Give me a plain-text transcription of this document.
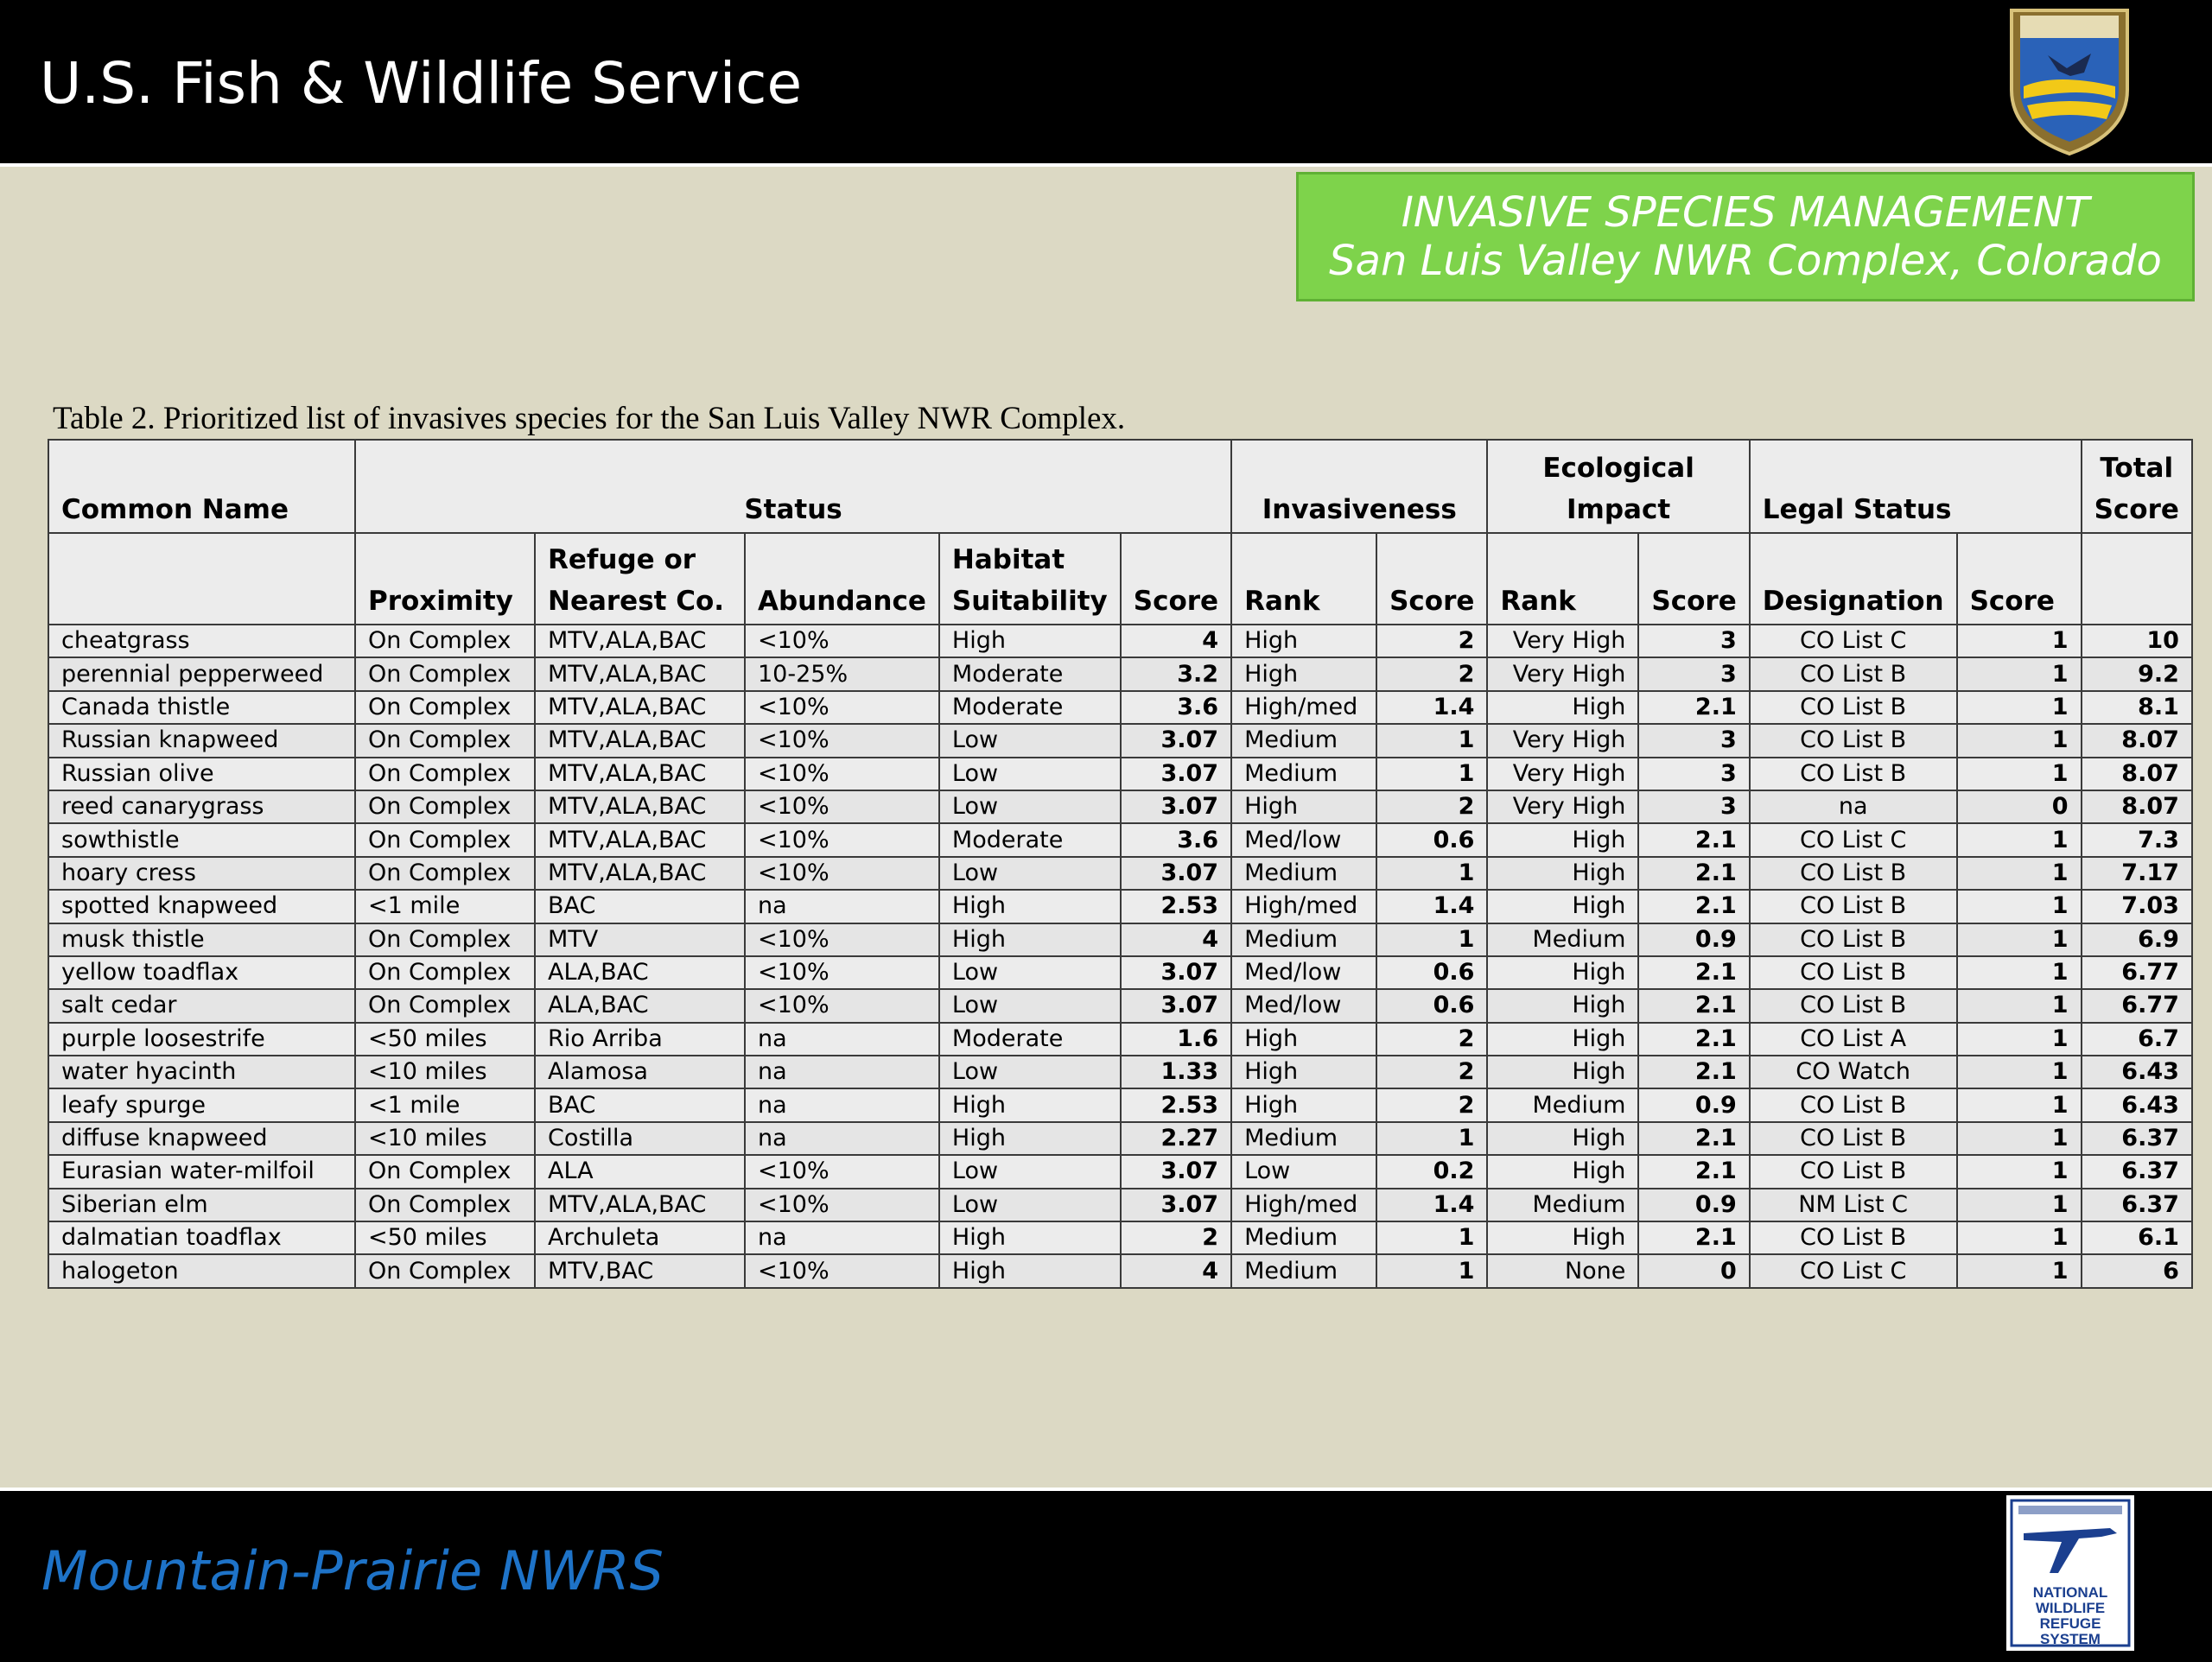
U.S. Fish & Wildlife Service
INVASIVE SPECIES MANAGEMENT
San Luis Valley NWR Complex, Colorado
Table 2. Prioritized list of invasives species for the San Luis Valley NWR Complex.
Common Name	Status					Invasiveness		Ecological
Impact		Legal Status		Total
Score
	Proximity	Refuge or
Nearest Co.	Abundance	Habitat
Suitability	Score	Rank	Score	Rank	Score	Designation	Score	
cheatgrass	On Complex	MTV,ALA,BAC	<10%	High	4	High	2	Very High	3	CO List C	1	10
perennial pepperweed	On Complex	MTV,ALA,BAC	10-25%	Moderate	3.2	High	2	Very High	3	CO List B	1	9.2
Canada thistle	On Complex	MTV,ALA,BAC	<10%	Moderate	3.6	High/med	1.4	High	2.1	CO List B	1	8.1
Russian knapweed	On Complex	MTV,ALA,BAC	<10%	Low	3.07	Medium	1	Very High	3	CO List B	1	8.07
Russian olive	On Complex	MTV,ALA,BAC	<10%	Low	3.07	Medium	1	Very High	3	CO List B	1	8.07
reed canarygrass	On Complex	MTV,ALA,BAC	<10%	Low	3.07	High	2	Very High	3	na	0	8.07
sowthistle	On Complex	MTV,ALA,BAC	<10%	Moderate	3.6	Med/low	0.6	High	2.1	CO List C	1	7.3
hoary cress	On Complex	MTV,ALA,BAC	<10%	Low	3.07	Medium	1	High	2.1	CO List B	1	7.17
spotted knapweed	<1 mile	BAC	na	High	2.53	High/med	1.4	High	2.1	CO List B	1	7.03
musk thistle	On Complex	MTV	<10%	High	4	Medium	1	Medium	0.9	CO List B	1	6.9
yellow toadflax	On Complex	ALA,BAC	<10%	Low	3.07	Med/low	0.6	High	2.1	CO List B	1	6.77
salt cedar	On Complex	ALA,BAC	<10%	Low	3.07	Med/low	0.6	High	2.1	CO List B	1	6.77
purple loosestrife	<50 miles	Rio Arriba	na	Moderate	1.6	High	2	High	2.1	CO List A	1	6.7
water hyacinth	<10 miles	Alamosa	na	Low	1.33	High	2	High	2.1	CO Watch	1	6.43
leafy spurge	<1 mile	BAC	na	High	2.53	High	2	Medium	0.9	CO List B	1	6.43
diffuse knapweed	<10 miles	Costilla	na	High	2.27	Medium	1	High	2.1	CO List B	1	6.37
Eurasian water-milfoil	On Complex	ALA	<10%	Low	3.07	Low	0.2	High	2.1	CO List B	1	6.37
Siberian elm	On Complex	MTV,ALA,BAC	<10%	Low	3.07	High/med	1.4	Medium	0.9	NM List C	1	6.37
dalmatian toadflax	<50 miles	Archuleta	na	High	2	Medium	1	High	2.1	CO List B	1	6.1
halogeton	On Complex	MTV,BAC	<10%	High	4	Medium	1	None	0	CO List C	1	6
Mountain-Prairie NWRS	NATIONAL
WILDLIFE
REFUGE
SYSTEM
